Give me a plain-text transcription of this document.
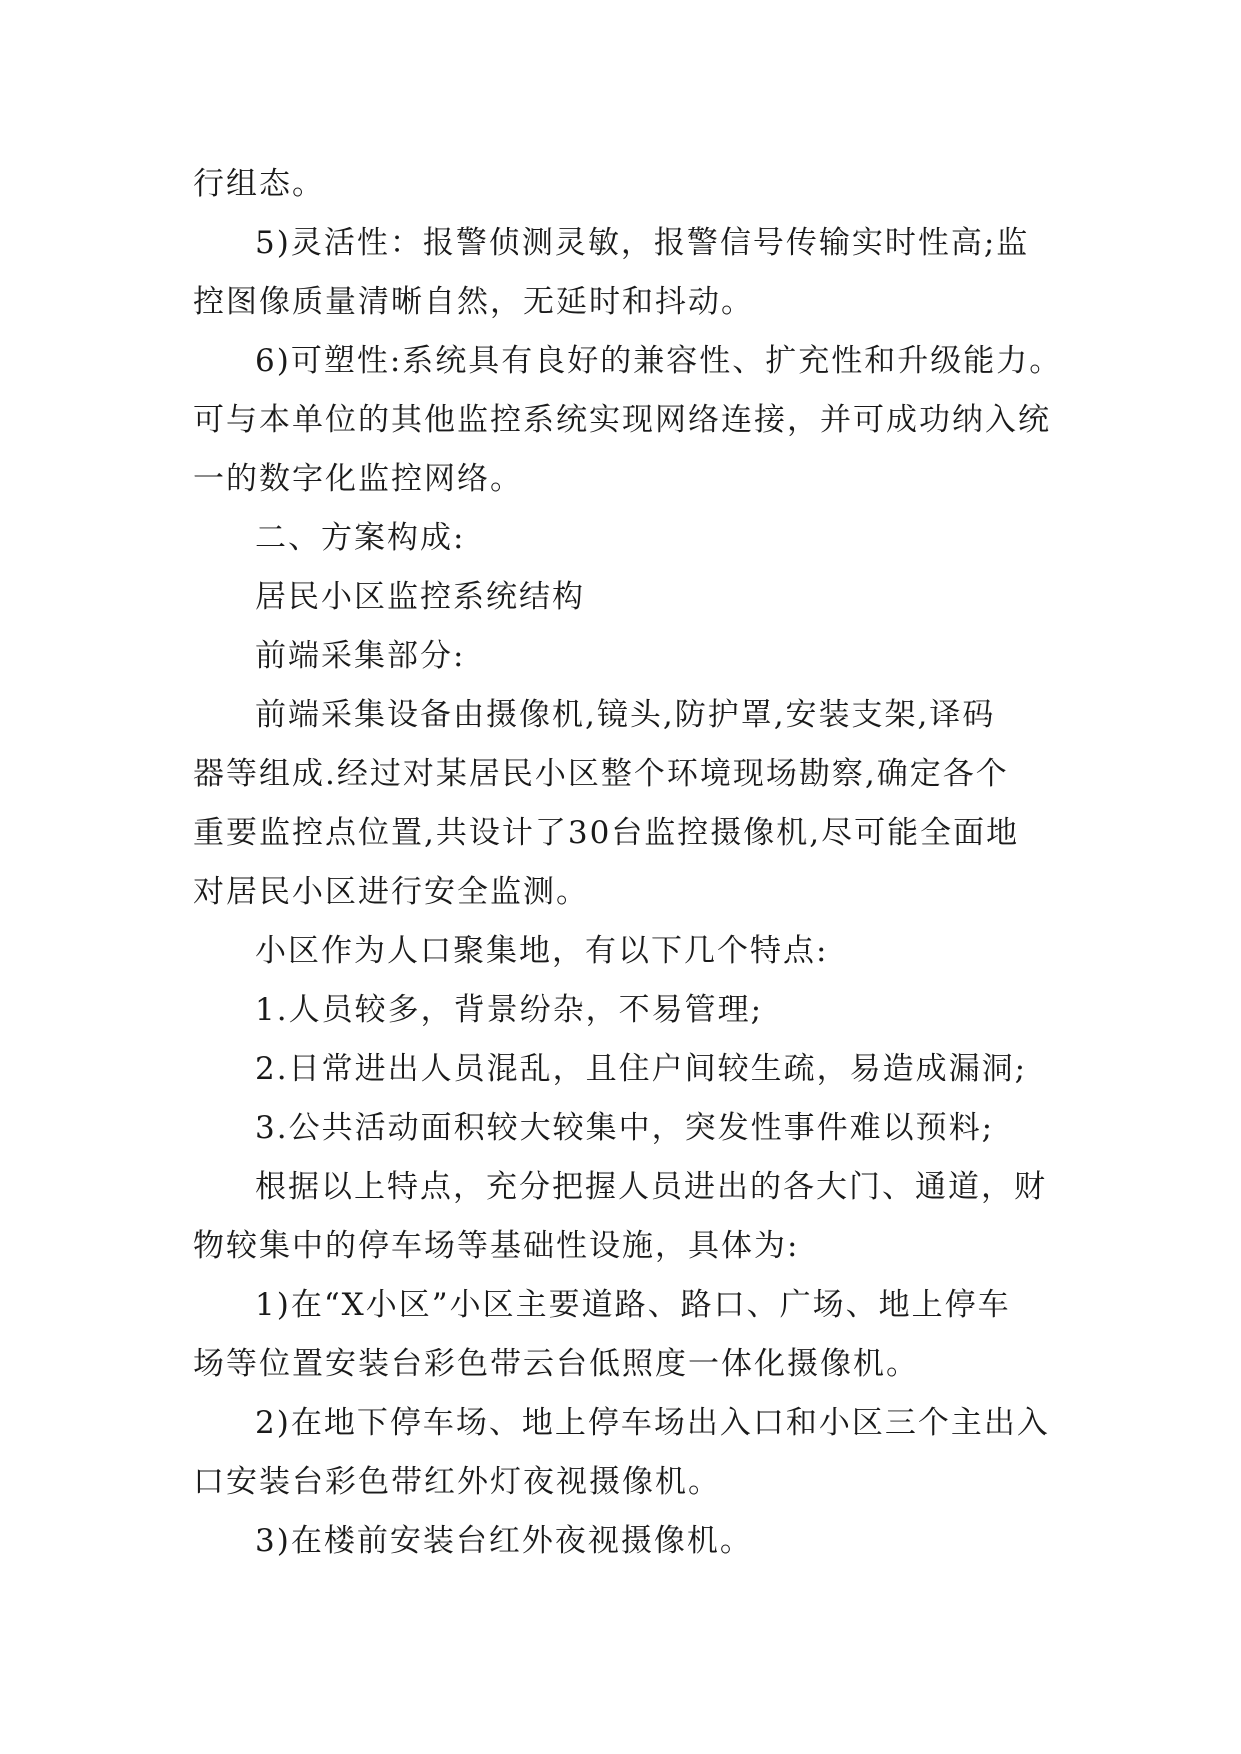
行组态。
5)灵活性：报警侦测灵敏，报警信号传输实时性高;监
控图像质量清晰自然，无延时和抖动。
6)可塑性:系统具有良好的兼容性、扩充性和升级能力。
可与本单位的其他监控系统实现网络连接，并可成功纳入统
一的数字化监控网络。
二、方案构成:
居民小区监控系统结构
前端采集部分:
前端采集设备由摄像机,镜头,防护罩,安装支架,译码
器等组成.经过对某居民小区整个环境现场勘察,确定各个
重要监控点位置,共设计了30台监控摄像机,尽可能全面地
对居民小区进行安全监测。
小区作为人口聚集地，有以下几个特点:
1.人员较多，背景纷杂，不易管理;
2.日常进出人员混乱，且住户间较生疏，易造成漏洞;
3.公共活动面积较大较集中，突发性事件难以预料;
根据以上特点，充分把握人员进出的各大门、通道，财
物较集中的停车场等基础性设施，具体为:
1)在“X小区”小区主要道路、路口、广场、地上停车
场等位置安装台彩色带云台低照度一体化摄像机。
2)在地下停车场、地上停车场出入口和小区三个主出入
口安装台彩色带红外灯夜视摄像机。
3)在楼前安装台红外夜视摄像机。
